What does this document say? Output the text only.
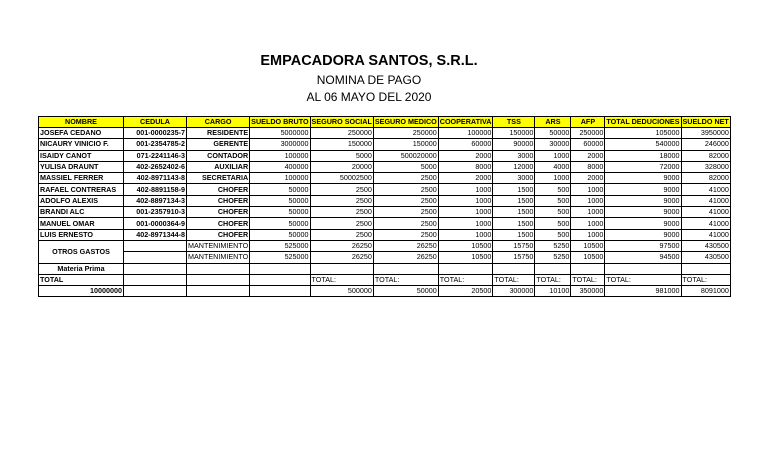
EMPACADORA SANTOS, S.R.L.
NOMINA DE PAGO
AL 06 MAYO DEL 2020
NOMBRE	CEDULA	CARGO	SUELDO BRUTO	SEGURO SOCIAL	SEGURO MEDICO	COOPERATIVA	TSS	ARS	AFP	TOTAL DEDUCIONES	SUELDO NET
JOSEFA CEDANO	001-0000235-7	RESIDENTE	5000000	250000	250000	100000	150000	50000	250000	105000	3950000
NICAURY VINICIO F.	001-2354785-2	GERENTE	3000000	150000	150000	60000	90000	30000	60000	540000	246000
ISAIDY CANOT	071-2241146-3	CONTADOR	100000	5000	500020000	2000	3000	1000	2000	18000	82000
YULISA DRAUNT	402-2652402-6	AUXILIAR	400000	20000	5000	8000	12000	4000	8000	72000	328000
MASSIEL FERRER	402-8971143-8	SECRETARIA	100000	50002500	2500	2000	3000	1000	2000	9000	82000
RAFAEL CONTRERAS	402-8891158-9	CHOFER	50000	2500	2500	1000	1500	500	1000	9000	41000
ADOLFO ALEXIS	402-8897134-3	CHOFER	50000	2500	2500	1000	1500	500	1000	9000	41000
BRANDI ALC	001-2357910-3	CHOFER	50000	2500	2500	1000	1500	500	1000	9000	41000
MANUEL OMAR	001-0000364-9	CHOFER	50000	2500	2500	1000	1500	500	1000	9000	41000
LUIS ERNESTO	402-8971344-8	CHOFER	50000	2500	2500	1000	1500	500	1000	9000	41000
OTROS GASTOS		MANTENIMIENTO	525000	26250	26250	10500	15750	5250	10500	97500	430500
		MANTENIMIENTO	525000	26250	26250	10500	15750	5250	10500	94500	430500
Materia Prima											
TOTAL				TOTAL:	TOTAL:	TOTAL:	TOTAL:	TOTAL:	TOTAL:	TOTAL:	TOTAL:
10000000				500000	50000	20500	300000	10100	350000	981000	8091000
